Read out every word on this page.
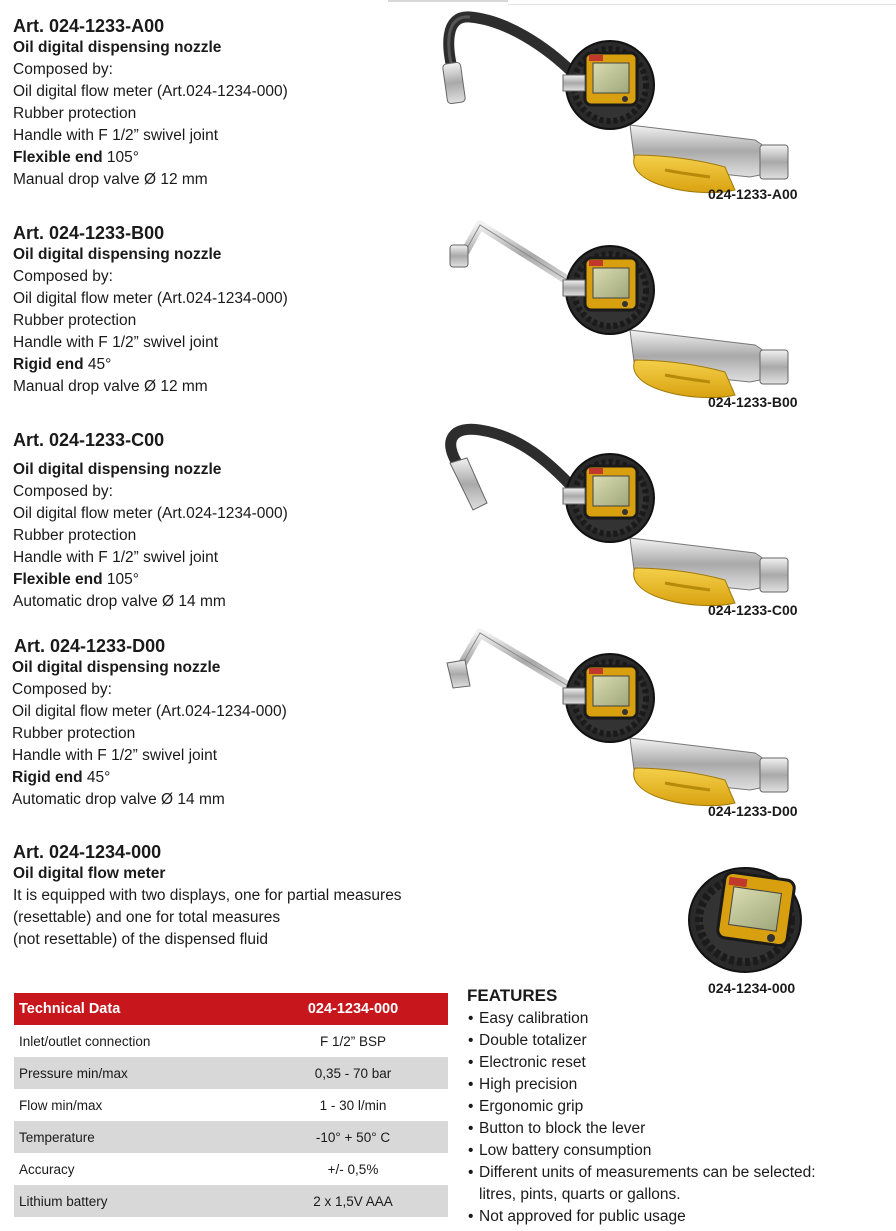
Art. 024-1233-A00
Oil digital dispensing nozzle
Composed by:
Oil digital flow meter (Art.024-1234-000)
Rubber protection
Handle with F 1/2” swivel joint
Flexible end 105°
Manual drop valve Ø 12 mm
024-1233-A00
Art. 024-1233-B00
Oil digital dispensing nozzle
Composed by:
Oil digital flow meter (Art.024-1234-000)
Rubber protection
Handle with F 1/2” swivel joint
Rigid end 45°
Manual drop valve Ø 12 mm
024-1233-B00
Art. 024-1233-C00
Oil digital dispensing nozzle
Composed by:
Oil digital flow meter (Art.024-1234-000)
Rubber protection
Handle with F 1/2” swivel joint
Flexible end 105°
Automatic drop valve Ø 14 mm	024-1233-C00
Art. 024-1233-D00
Oil digital dispensing nozzle
Composed by:
Oil digital flow meter (Art.024-1234-000)
Rubber protection
Handle with F 1/2” swivel joint
Rigid end 45°
Automatic drop valve Ø 14 mm
024-1233-D00
Art. 024-1234-000
Oil digital flow meter
It is equipped with two displays, one for partial measures
(resettable) and one for total measures
(not resettable) of the dispensed fluid
024-1234-000
Technical Data	024-1234-000
Inlet/outlet connection	F 1/2” BSP
Pressure min/max	0,35 - 70 bar
Flow min/max	1 - 30 l/min
Temperature	-10° + 50° C
Accuracy	+/- 0,5%
Lithium battery	2 x 1,5V AAA
FEATURES
• Easy calibration
• Double totalizer
• Electronic reset
• High precision
• Ergonomic grip
• Button to block the lever
• Low battery consumption
• Different units of measurements can be selected:
litres, pints, quarts or gallons.
• Not approved for public usage
